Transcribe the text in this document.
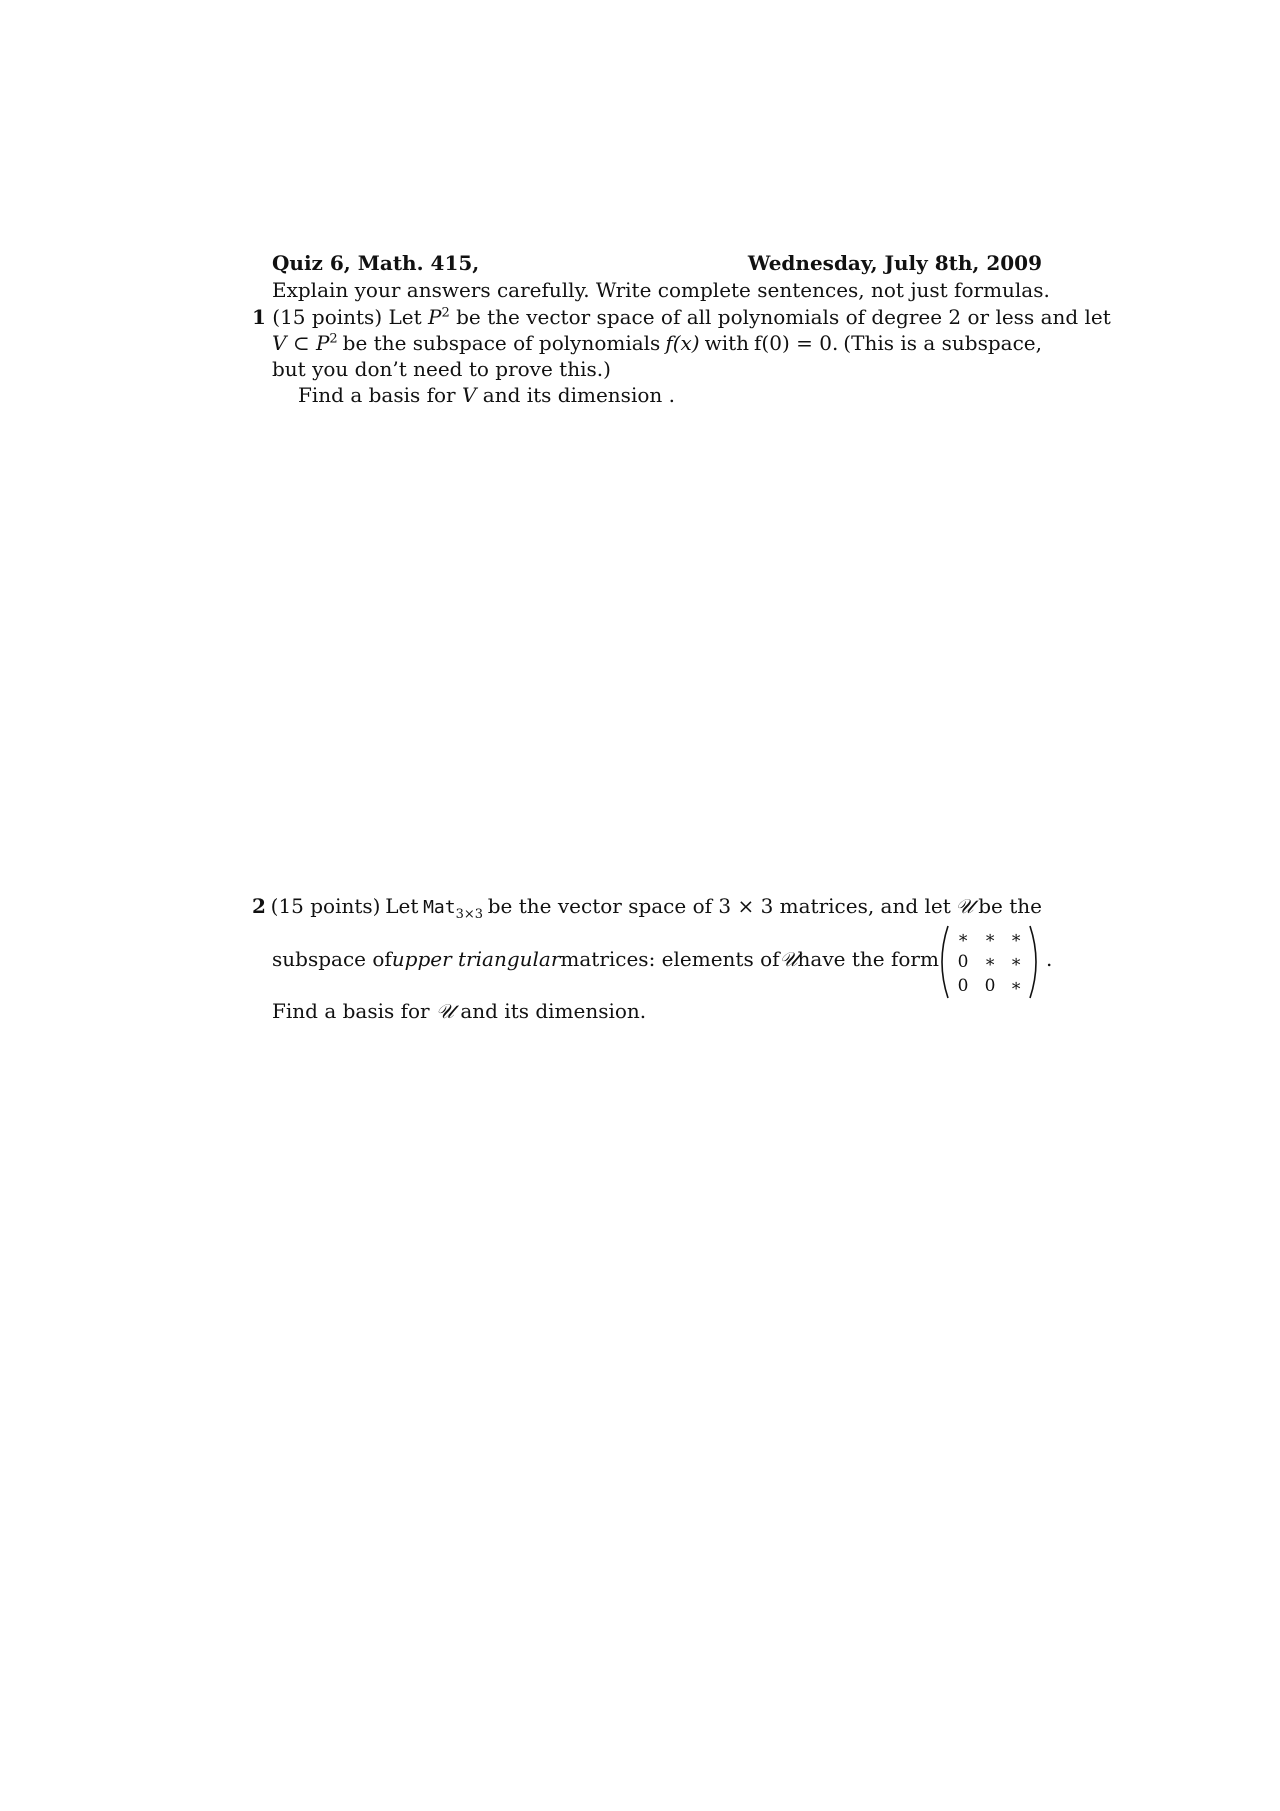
Quiz 6, Math. 415,	Wednesday, July 8th, 2009
Explain your answers carefully. Write complete sentences, not just formulas.
1 (15 points) Let $P^2$ be the vector space of all polynomials of degree 2 or less and let
V ⊂ $P^2$ be the subspace of polynomials f(x) with f(0) = 0. (This is a subspace,
but you don’t need to prove this.)
Find a basis for V and its dimension .
2 (15 points) Let Mat$_{3\times 3}$ be the vector space of 3 × 3 matrices, and let 𝒰 be the
subspace of upper triangular matrices: elements of 𝒰 have the form
∗ ∗ ∗
0 ∗ ∗
0 0 ∗
.
Find a basis for 𝒰 and its dimension.
